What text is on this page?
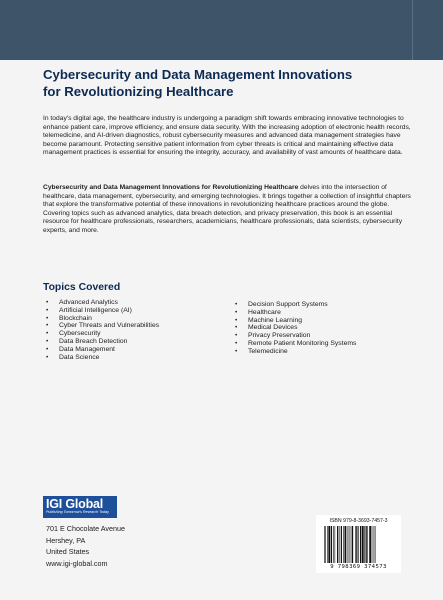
Cybersecurity and Data Management Innovations
for Revolutionizing Healthcare
In today's digital age, the healthcare industry is undergoing a paradigm shift towards embracing innovative technologies to enhance patient care, improve efficiency, and ensure data security. With the increasing adoption of electronic health records, telemedicine, and AI-driven diagnostics, robust cybersecurity measures and advanced data management strategies have become paramount. Protecting sensitive patient information from cyber threats is critical and maintaining effective data management practices is essential for ensuring the integrity, accuracy, and availability of vast amounts of healthcare data.
Cybersecurity and Data Management Innovations for Revolutionizing Healthcare delves into the intersection of healthcare, data management, cybersecurity, and emerging technologies. It brings together a collection of insightful chapters that explore the transformative potential of these innovations in revolutionizing healthcare practices around the globe. Covering topics such as advanced analytics, data breach detection, and privacy preservation, this book is an essential resource for healthcare professionals, researchers, academicians, healthcare professionals, data scientists, cybersecurity experts, and more.
Topics Covered
• Advanced Analytics
• Artificial Intelligence (AI)
• Blockchain
• Cyber Threats and Vulnerabilities
• Cybersecurity
• Data Breach Detection
• Data Management
• Data Science
• Decision Support Systems
• Healthcare
• Machine Learning
• Medical Devices
• Privacy Preservation
• Remote Patient Monitoring Systems
• Telemedicine
IGI Global
Publishing Tomorrow's Research Today
701 E Chocolate Avenue
Hershey, PA
United States
www.igi-global.com
ISBN 979-8-3693-7457-3
9 798369 374573
